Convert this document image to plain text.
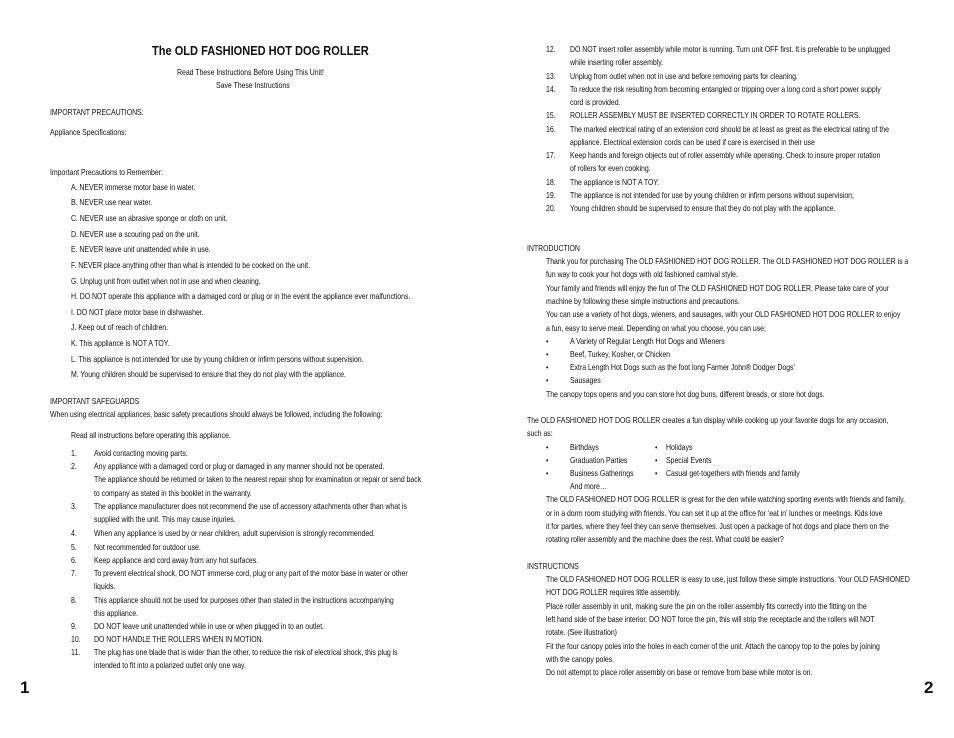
The OLD FASHIONED HOT DOG ROLLER
Read These Instructions Before Using This Unit!
Save These Instructions
IMPORTANT PRECAUTIONS:
Appliance Specifications:
Important Precautions to Remember:
A. NEVER immerse motor base in water.
B. NEVER use near water.
C. NEVER use an abrasive sponge or cloth on unit.
D. NEVER use a scouring pad on the unit.
E. NEVER leave unit unattended while in use.
F. NEVER place anything other than what is intended to be cooked on the unit.
G. Unplug unit from outlet when not in use and when cleaning.
H. DO NOT operate this appliance with a damaged cord or plug or in the event the appliance ever malfunctions.
I. DO NOT place motor base in dishwasher.
J. Keep out of reach of children.
K. This appliance is NOT A TOY.
L. This appliance is not intended for use by young children or infirm persons without supervision.
M. Young children should be supervised to ensure that they do not play with the appliance.
IMPORTANT SAFEGUARDS
When using electrical appliances, basic safety precautions should always be followed, including the following:
Read all instructions before operating this appliance.
1. Avoid contacting moving parts.
2. Any appliance with a damaged cord or plug or damaged in any manner should not be operated.
The appliance should be returned or taken to the nearest repair shop for examination or repair or send back
to company as stated in this booklet in the warranty.
3. The appliance manufacturer does not recommend the use of accessory attachments other than what is
supplied with the unit. This may cause injuries.
4. When any appliance is used by or near children, adult supervision is strongly recommended.
5. Not recommended for outdoor use.
6. Keep appliance and cord away from any hot surfaces.
7. To prevent electrical shock, DO NOT immerse cord, plug or any part of the motor base in water or other
liquids.
8. This appliance should not be used for purposes other than stated in the instructions accompanying
this appliance.
9. DO NOT leave unit unattended while in use or when plugged in to an outlet.
10. DO NOT HANDLE THE ROLLERS WHEN IN MOTION.
11. The plug has one blade that is wider than the other, to reduce the risk of electrical shock, this plug is
intended to fit into a polarized outlet only one way.
1
12. DO NOT insert roller assembly while motor is running. Turn unit OFF first. It is preferable to be unplugged
while inserting roller assembly.
13. Unplug from outlet when not in use and before removing parts for cleaning.
14. To reduce the risk resulting from becoming entangled or tripping over a long cord a short power supply
cord is provided.
15. ROLLER ASSEMBLY MUST BE INSERTED CORRECTLY IN ORDER TO ROTATE ROLLERS.
16. The marked electrical rating of an extension cord should be at least as great as the electrical rating of the
appliance. Electrical extension cords can be used if care is exercised in their use
17. Keep hands and foreign objects out of roller assembly while operating. Check to insure proper rotation
of rollers for even cooking.
18. The appliance is NOT A TOY.
19. The appliance is not intended for use by young children or infirm persons without supervision;
20. Young children should be supervised to ensure that they do not play with the appliance.
INTRODUCTION
Thank you for purchasing The OLD FASHIONED HOT DOG ROLLER. The OLD FASHIONED HOT DOG ROLLER is a
fun way to cook your hot dogs with old fashioned carnival style.
Your family and friends will enjoy the fun of The OLD FASHIONED HOT DOG ROLLER. Please take care of your
machine by following these simple instructions and precautions.
You can use a variety of hot dogs, wieners, and sausages, with your OLD FASHIONED HOT DOG ROLLER to enjoy
a fun, easy to serve meal. Depending on what you choose, you can use;
•	A Variety of Regular Length Hot Dogs and Wieners
•	Beef, Turkey, Kosher, or Chicken
•	Extra Length Hot Dogs such as the foot long Farmer John® Dodger Dogs'
•	Sausages
The canopy tops opens and you can store hot dog buns, different breads, or store hot dogs.
The OLD FASHIONED HOT DOG ROLLER creates a fun display while cooking up your favorite dogs for any occasion,
such as:
•	Birthdays
•	Graduation Parties
•	Business Gatherings
• Holidays
• Special Events
• Casual get-togethers with friends and family
And more…
The OLD FASHIONED HOT DOG ROLLER is great for the den while watching sporting events with friends and family,
or in a dorm room studying with friends. You can set it up at the office for ‘eat in’ lunches or meetings. Kids love
it for parties, where they feel they can serve themselves. Just open a package of hot dogs and place them on the
rotating roller assembly and the machine does the rest. What could be easier?
INSTRUCTIONS
The OLD FASHIONED HOT DOG ROLLER is easy to use, just follow these simple instructions. Your OLD FASHIONED
HOT DOG ROLLER requires little assembly.
Place roller assembly in unit, making sure the pin on the roller assembly fits correctly into the fitting on the
left hand side of the base interior. DO NOT force the pin, this will strip the receptacle and the rollers will NOT
rotate. (See illustration)
Fit the four canopy poles into the holes in each corner of the unit. Attach the canopy top to the poles by joining
with the canopy poles.
Do not attempt to place roller assembly on base or remove from base while motor is on.
2
